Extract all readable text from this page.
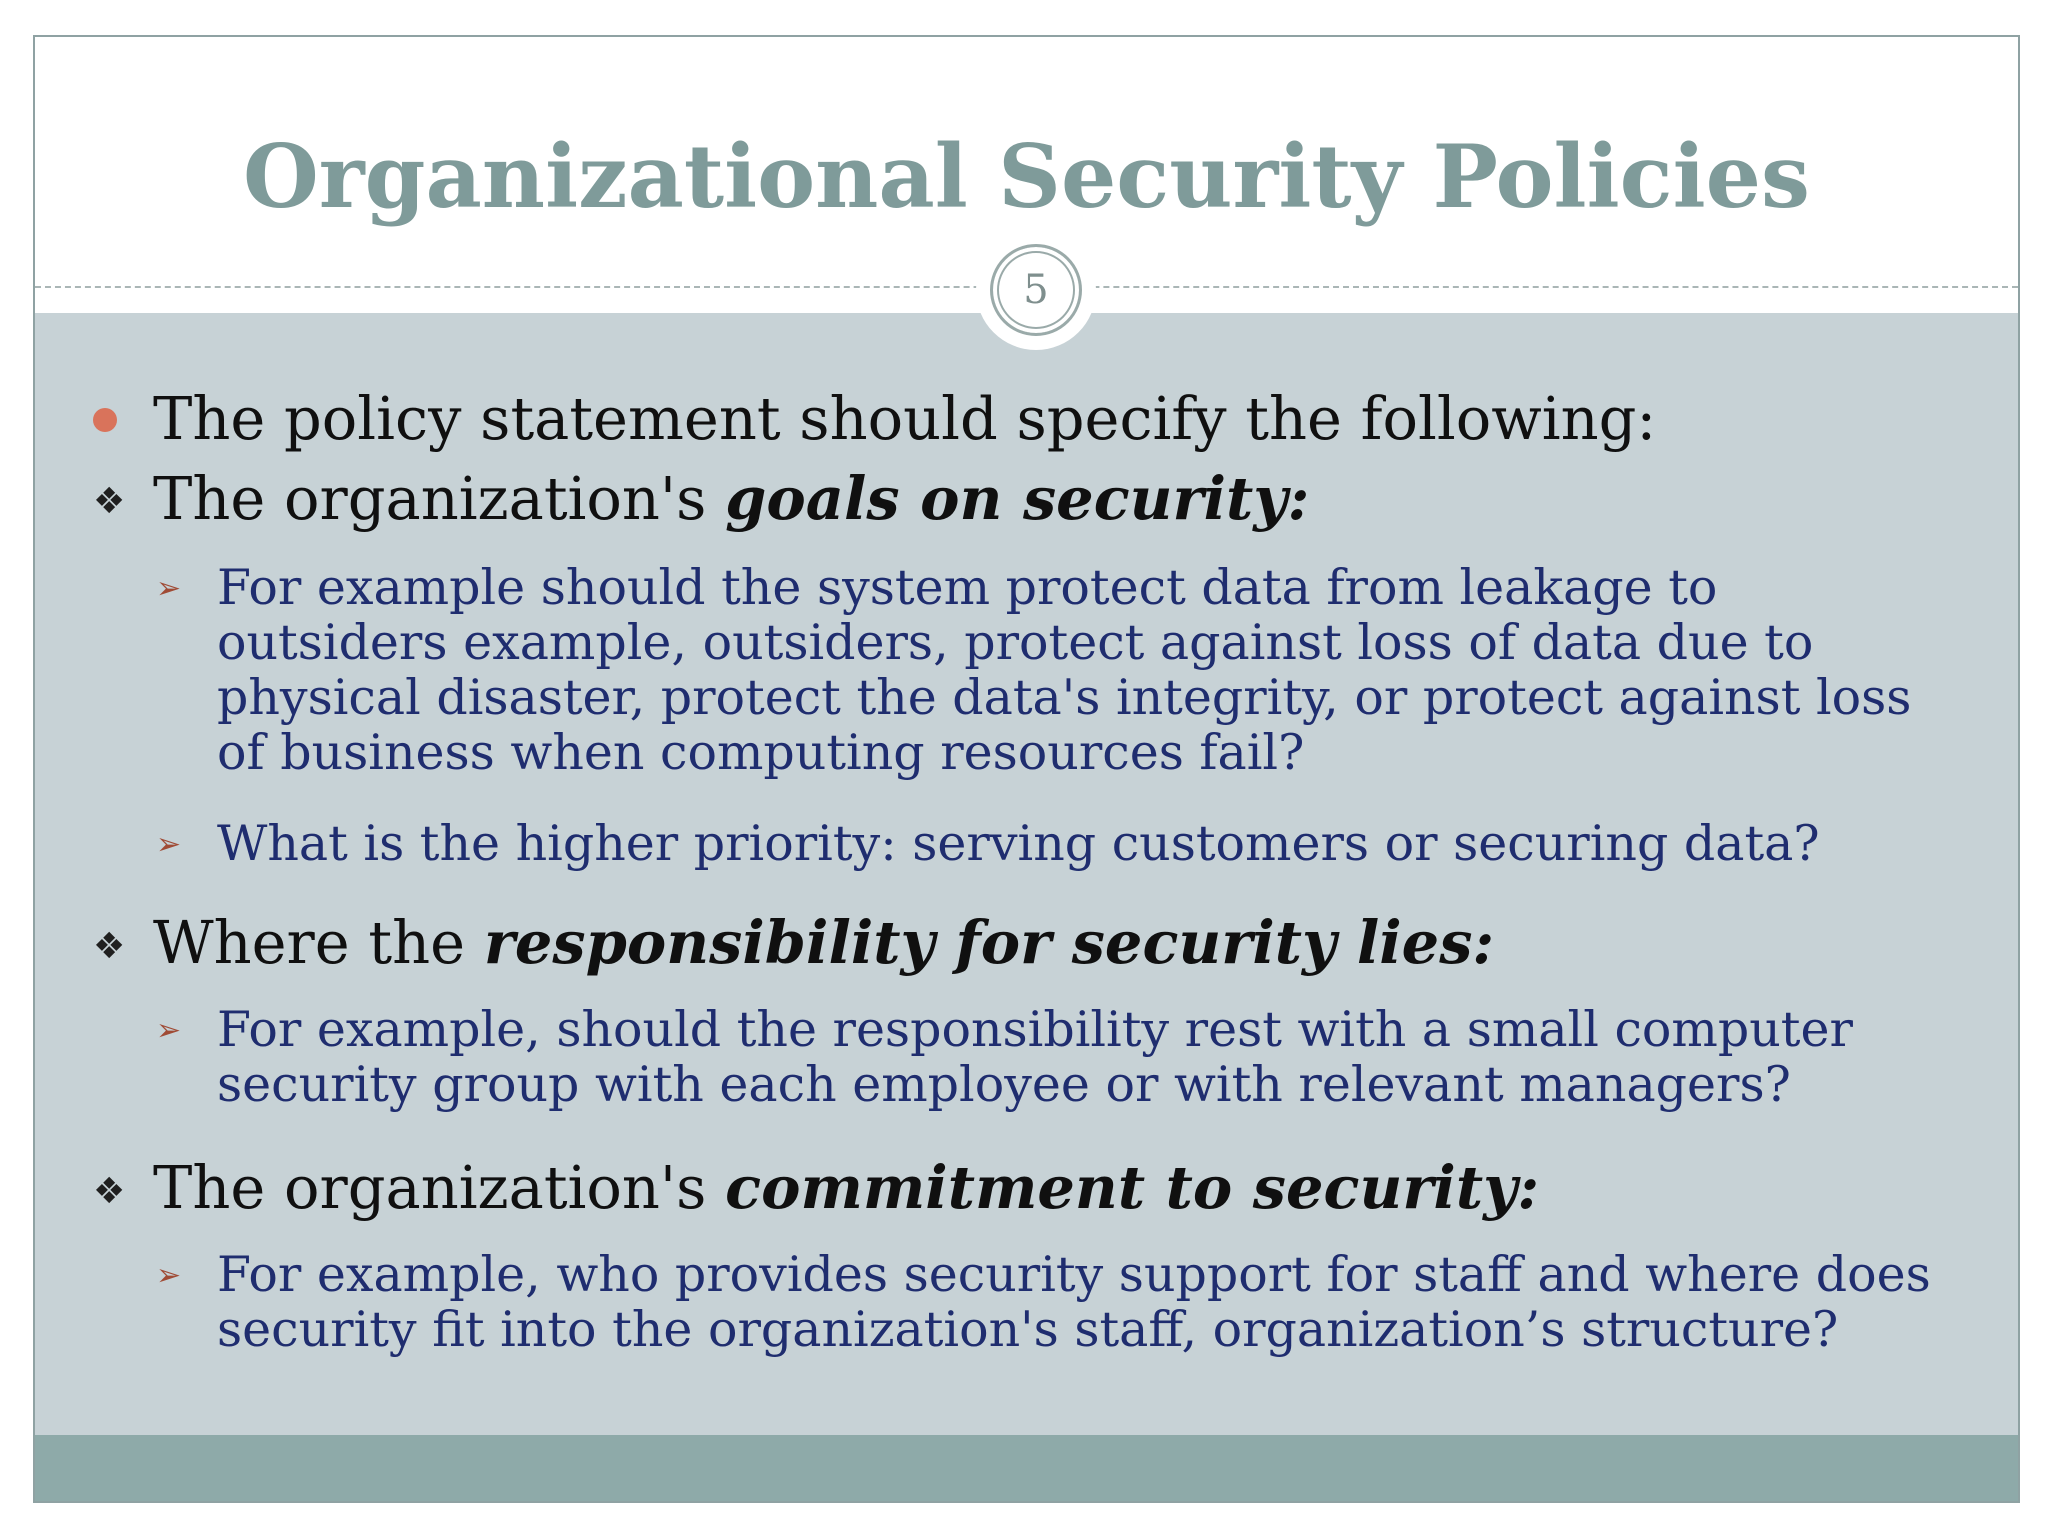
Organizational Security Policies
The policy statement should specify the following:
❖ The organization's goals on security:
➢ For example should the system protect data from leakage to
outsiders example, outsiders, protect against loss of data due to
physical disaster, protect the data's integrity, or protect against loss
of business when computing resources fail?
➢ What is the higher priority: serving customers or securing data?
❖ Where the responsibility for security lies:
➢ For example, should the responsibility rest with a small computer
security group with each employee or with relevant managers?
❖ The organization's commitment to security:
➢ For example, who provides security support for staff and where does
security fit into the organization's staff, organization’s structure?
5
